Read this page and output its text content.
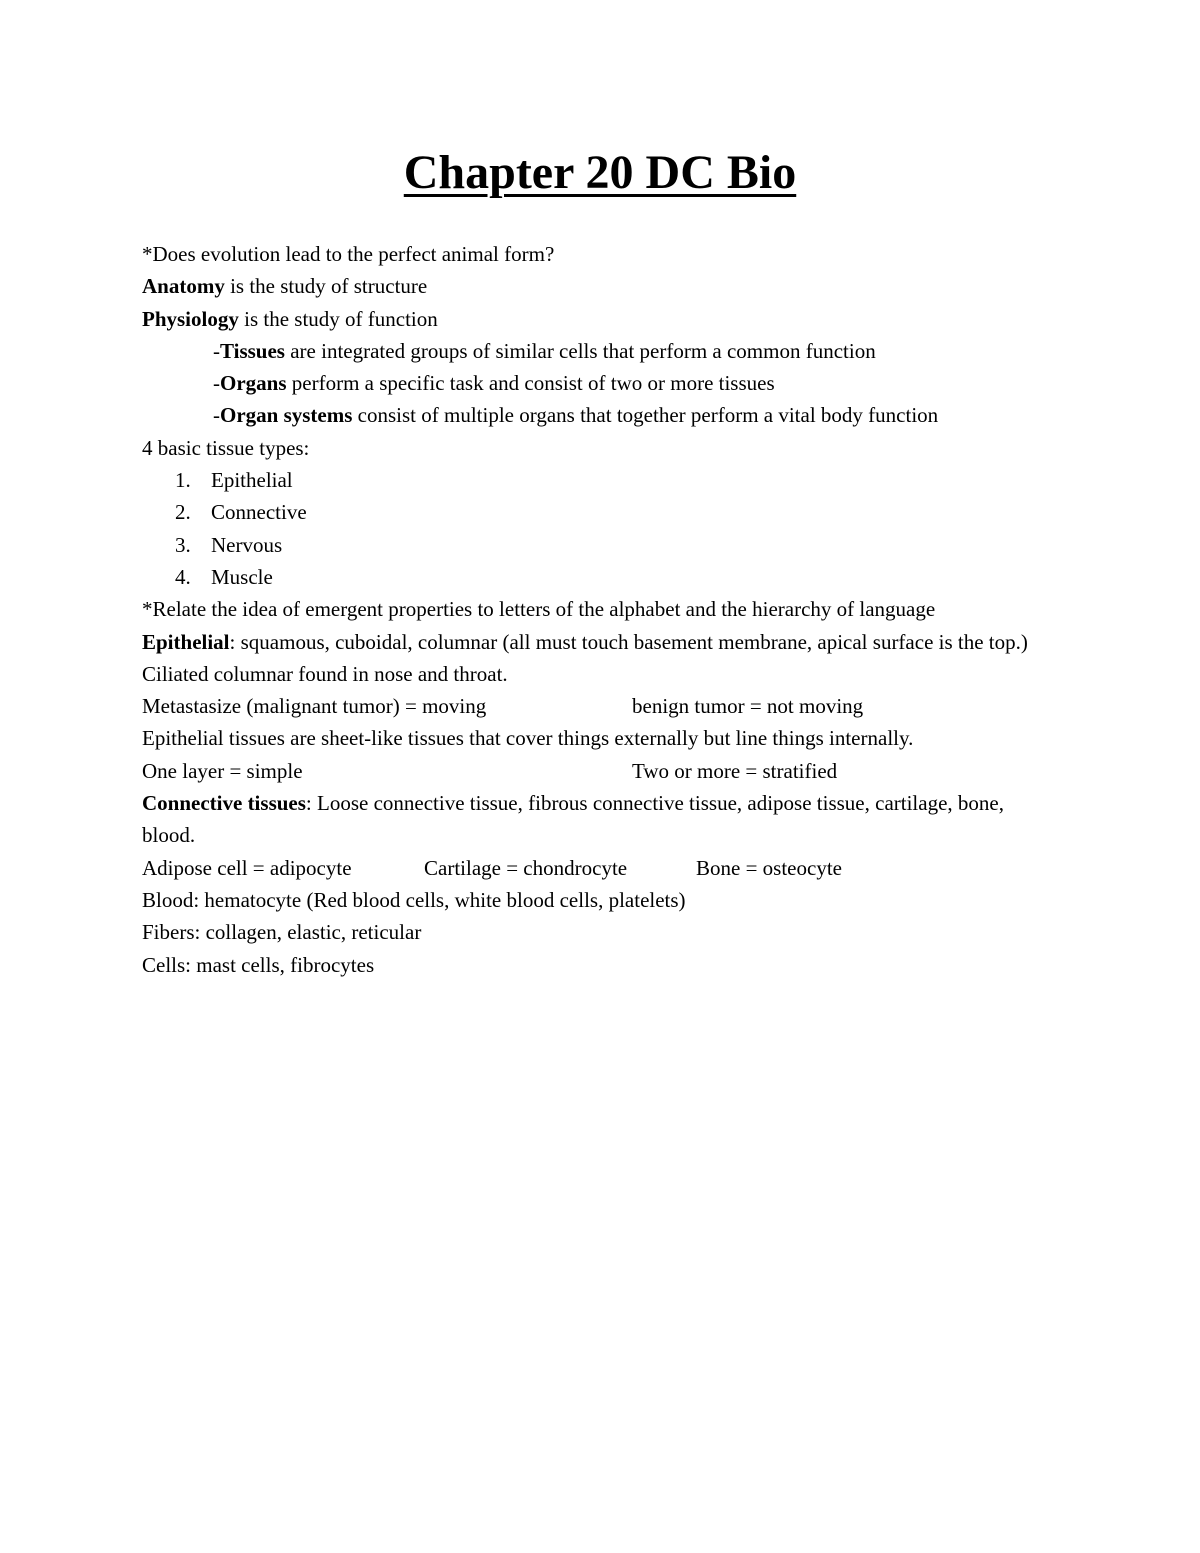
Chapter 20 DC Bio
*Does evolution lead to the perfect animal form?
Anatomy is the study of structure
Physiology is the study of function
-Tissues are integrated groups of similar cells that perform a common function
-Organs perform a specific task and consist of two or more tissues
-Organ systems consist of multiple organs that together perform a vital body function
4 basic tissue types:
1. Epithelial
2. Connective
3. Nervous
4. Muscle
*Relate the idea of emergent properties to letters of the alphabet and the hierarchy of language
Epithelial: squamous, cuboidal, columnar (all must touch basement membrane, apical surface is the top.)
Ciliated columnar found in nose and throat.
Metastasize (malignant tumor) = moving	benign tumor = not moving
Epithelial tissues are sheet-like tissues that cover things externally but line things internally.
One layer = simple	Two or more = stratified
Connective tissues: Loose connective tissue, fibrous connective tissue, adipose tissue, cartilage, bone, blood.
Adipose cell = adipocyte	Cartilage = chondrocyte	Bone = osteocyte
Blood: hematocyte (Red blood cells, white blood cells, platelets)
Fibers: collagen, elastic, reticular
Cells: mast cells, fibrocytes
